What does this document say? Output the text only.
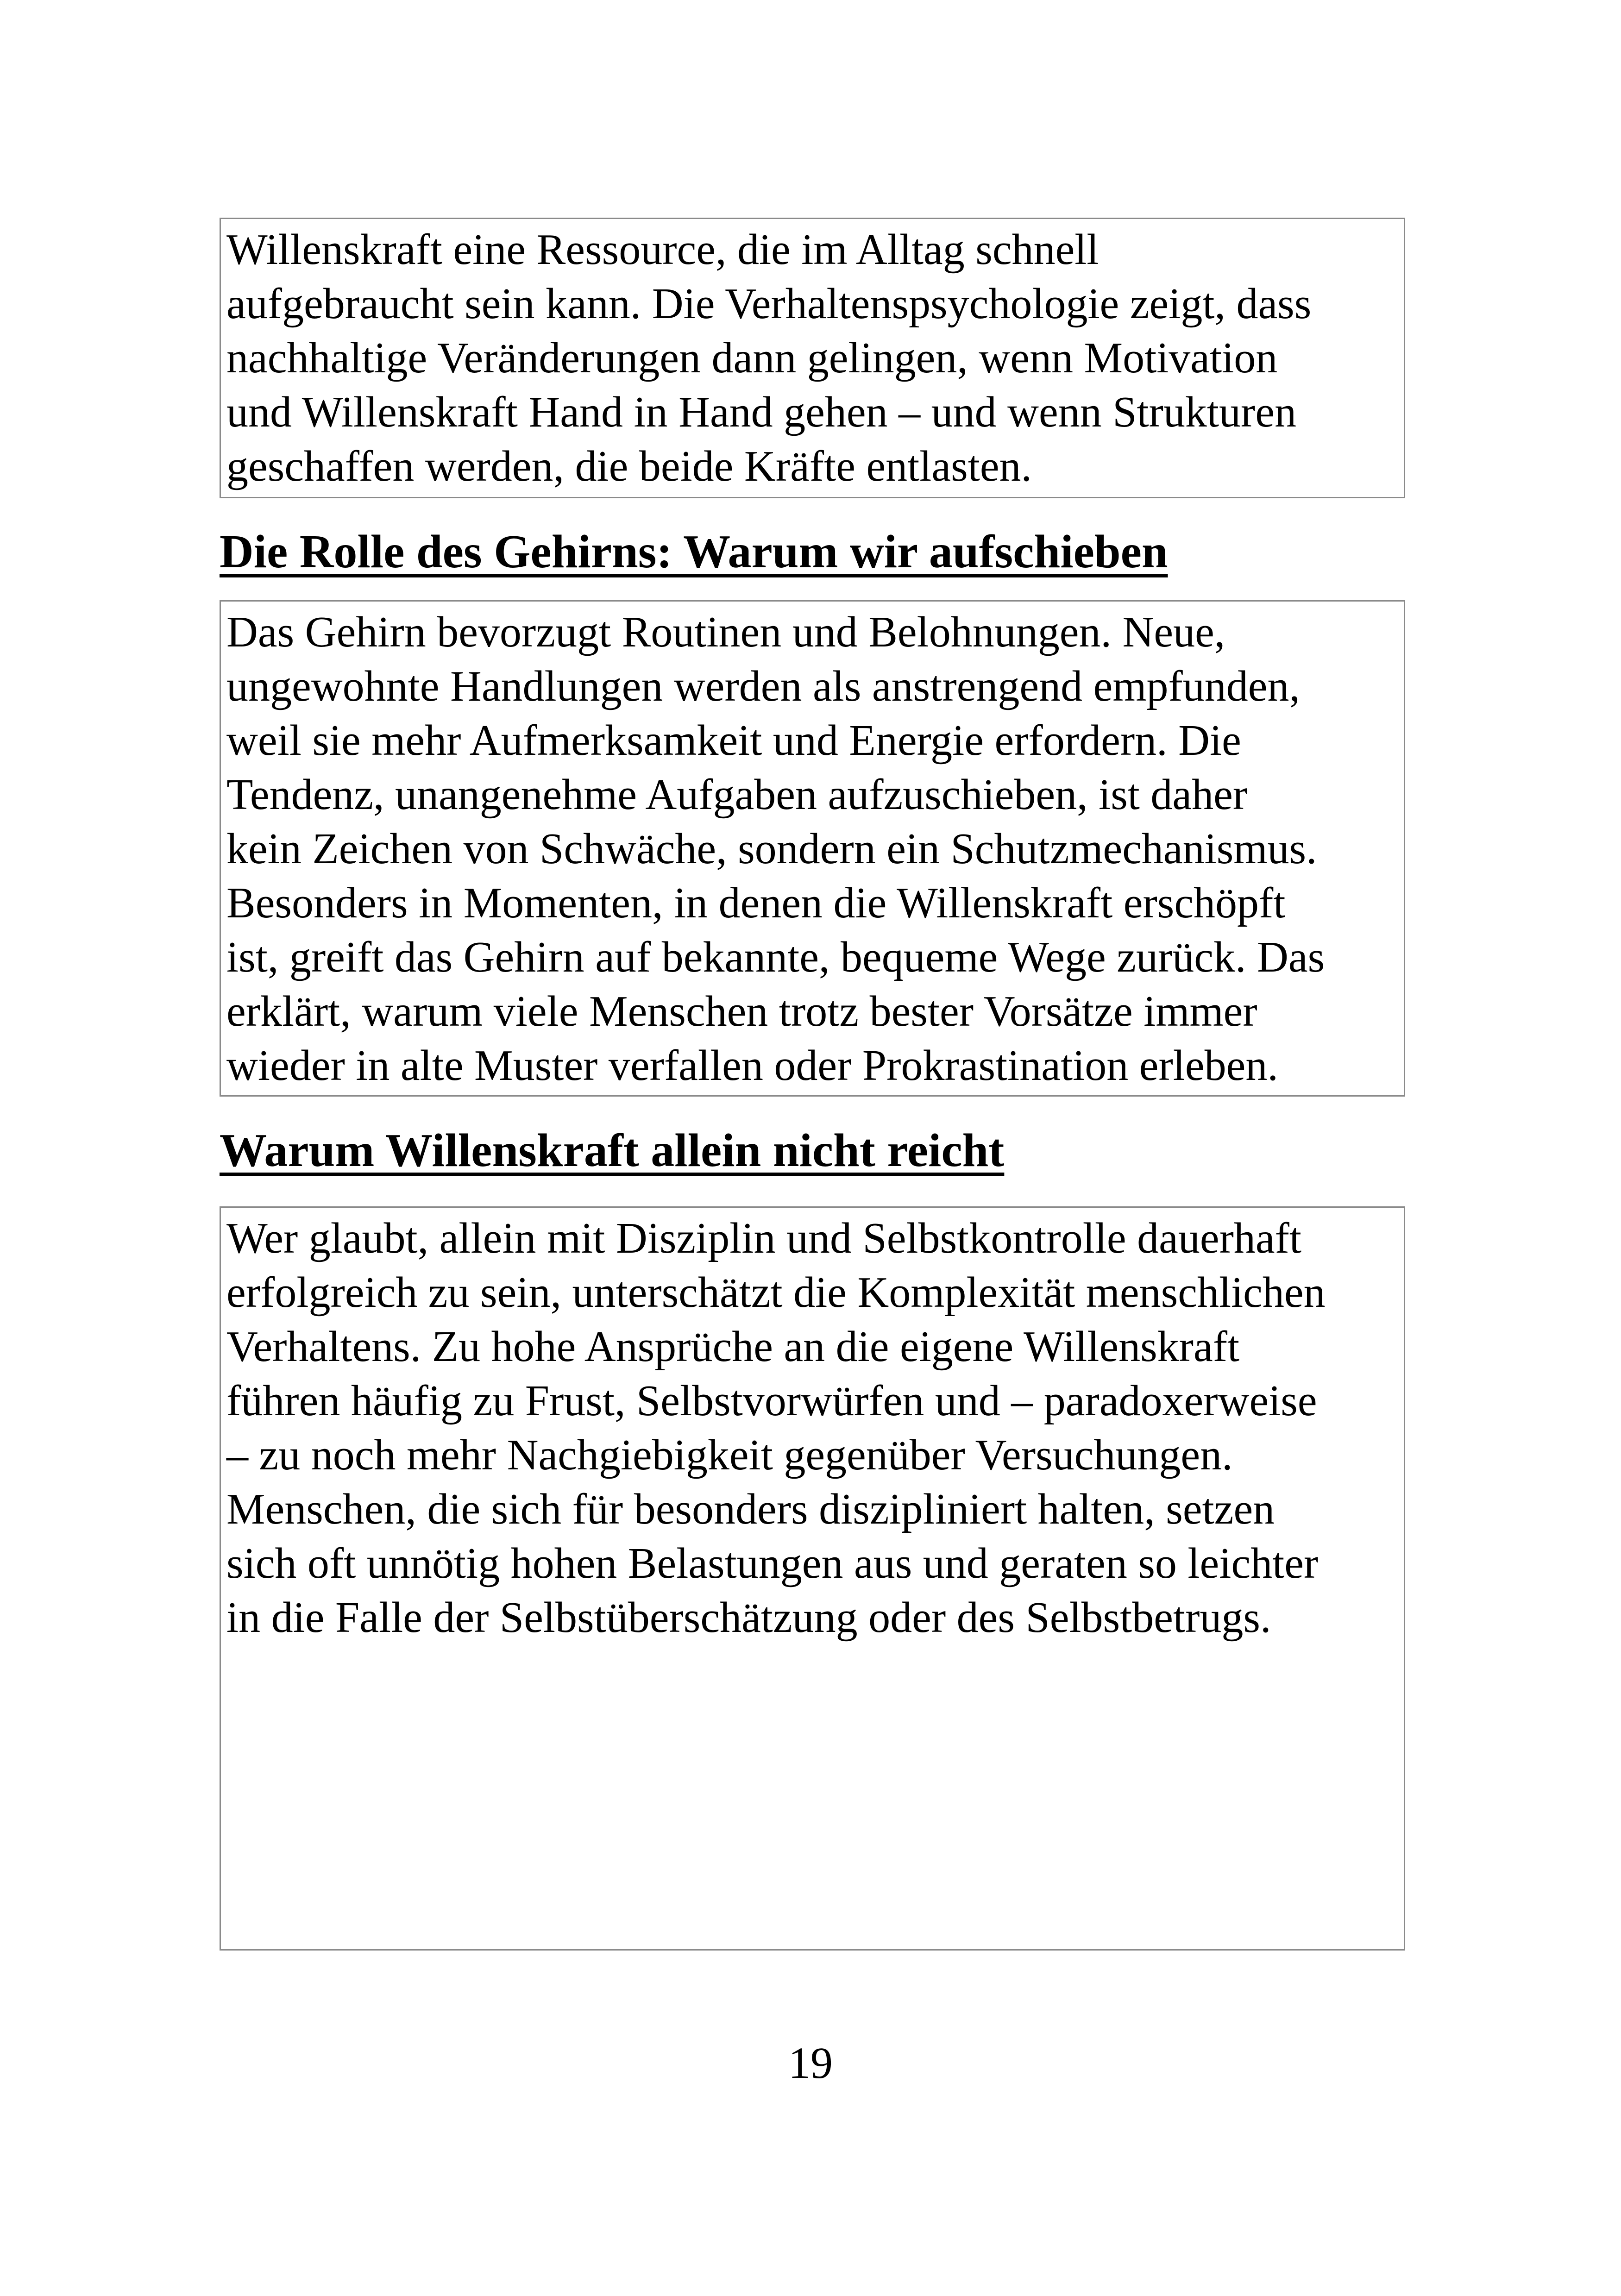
Willenskraft eine Ressource, die im Alltag schnell
aufgebraucht sein kann. Die Verhaltenspsychologie zeigt, dass
nachhaltige Veränderungen dann gelingen, wenn Motivation
und Willenskraft Hand in Hand gehen – und wenn Strukturen
geschaffen werden, die beide Kräfte entlasten.
Die Rolle des Gehirns: Warum wir aufschieben
Das Gehirn bevorzugt Routinen und Belohnungen. Neue,
ungewohnte Handlungen werden als anstrengend empfunden,
weil sie mehr Aufmerksamkeit und Energie erfordern. Die
Tendenz, unangenehme Aufgaben aufzuschieben, ist daher
kein Zeichen von Schwäche, sondern ein Schutzmechanismus.
Besonders in Momenten, in denen die Willenskraft erschöpft
ist, greift das Gehirn auf bekannte, bequeme Wege zurück. Das
erklärt, warum viele Menschen trotz bester Vorsätze immer
wieder in alte Muster verfallen oder Prokrastination erleben.
Warum Willenskraft allein nicht reicht
Wer glaubt, allein mit Disziplin und Selbstkontrolle dauerhaft
erfolgreich zu sein, unterschätzt die Komplexität menschlichen
Verhaltens. Zu hohe Ansprüche an die eigene Willenskraft
führen häufig zu Frust, Selbstvorwürfen und – paradoxerweise
– zu noch mehr Nachgiebigkeit gegenüber Versuchungen.
Menschen, die sich für besonders diszipliniert halten, setzen
sich oft unnötig hohen Belastungen aus und geraten so leichter
in die Falle der Selbstüberschätzung oder des Selbstbetrugs.
19
